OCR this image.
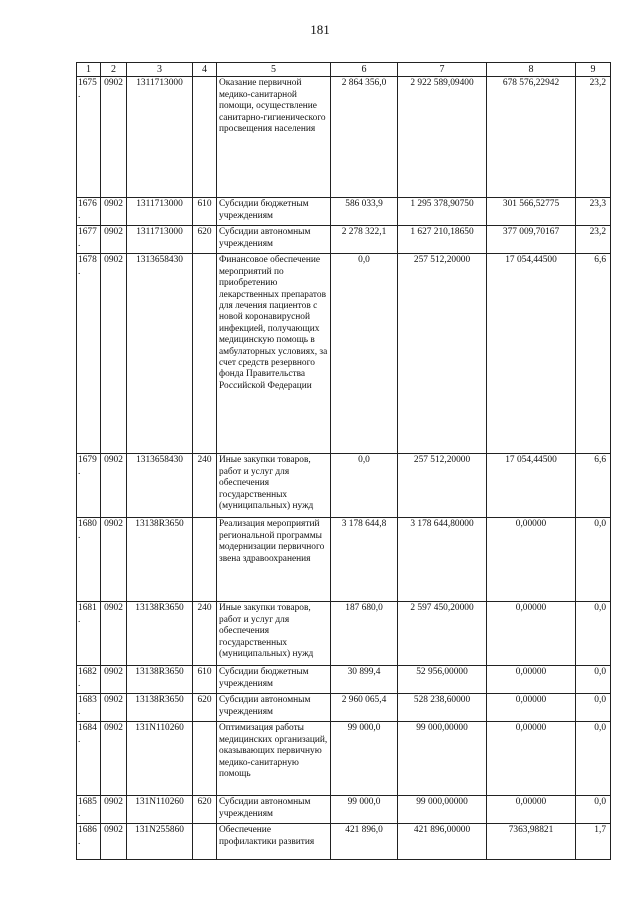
181
1	2	3	4	5	6	7	8	9
1675.	0902	1311713000		Оказание первичной медико-санитарной помощи, осуществление санитарно-гигиенического просвещения населения	2 864 356,0	2 922 589,09400	678 576,22942	23,2
1676.	0902	1311713000	610	Субсидии бюджетным учреждениям	586 033,9	1 295 378,90750	301 566,52775	23,3
1677.	0902	1311713000	620	Субсидии автономным учреждениям	2 278 322,1	1 627 210,18650	377 009,70167	23,2
1678.	0902	1313658430		Финансовое обеспечение мероприятий по приобретению лекарственных препаратов для лечения пациентов с новой коронавирусной инфекцией, получающих медицинскую помощь в амбулаторных условиях, за счет средств резервного фонда Правительства Российской Федерации	0,0	257 512,20000	17 054,44500	6,6
1679.	0902	1313658430	240	Иные закупки товаров, работ и услуг для обеспечения государственных (муниципальных) нужд	0,0	257 512,20000	17 054,44500	6,6
1680.	0902	13138R3650		Реализация мероприятий региональной программы модернизации первичного звена здравоохранения	3 178 644,8	3 178 644,80000	0,00000	0,0
1681.	0902	13138R3650	240	Иные закупки товаров, работ и услуг для обеспечения государственных (муниципальных) нужд	187 680,0	2 597 450,20000	0,00000	0,0
1682.	0902	13138R3650	610	Субсидии бюджетным учреждениям	30 899,4	52 956,00000	0,00000	0,0
1683.	0902	13138R3650	620	Субсидии автономным учреждениям	2 960 065,4	528 238,60000	0,00000	0,0
1684.	0902	131N110260		Оптимизация работы медицинских организаций, оказывающих первичную медико-санитарную помощь	99 000,0	99 000,00000	0,00000	0,0
1685.	0902	131N110260	620	Субсидии автономным учреждениям	99 000,0	99 000,00000	0,00000	0,0
1686.	0902	131N255860		Обеспечение профилактики развития	421 896,0	421 896,00000	7363,98821	1,7
